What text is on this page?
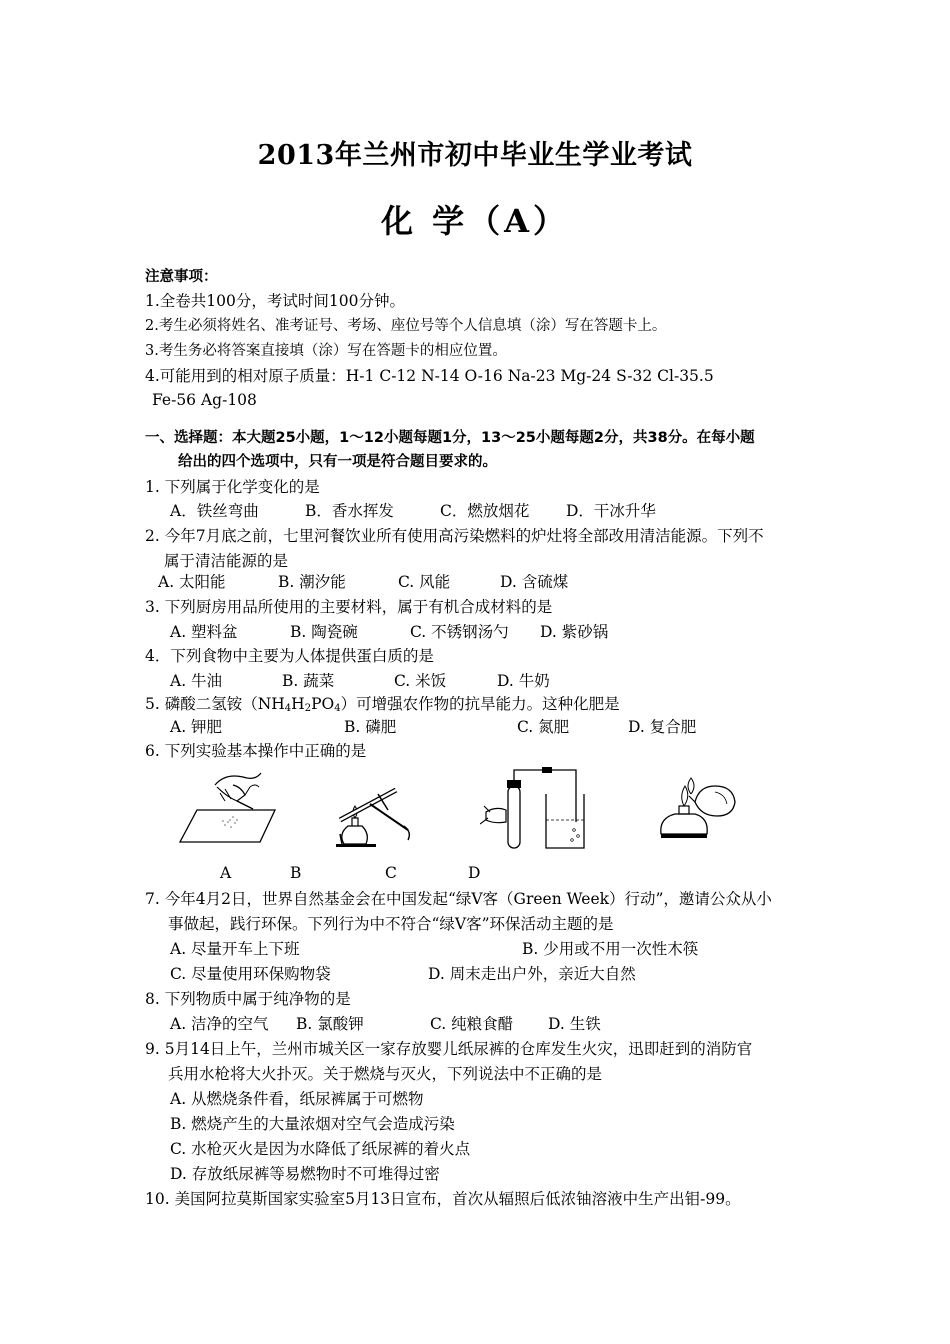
2013年兰州市初中毕业生学业考试
化 学（A）
注意事项：
1.全卷共100分，考试时间100分钟。
2.考生必须将姓名、准考证号、考场、座位号等个人信息填（涂）写在答题卡上。
3.考生务必将答案直接填（涂）写在答题卡的相应位置。
4.可能用到的相对原子质量：H-1 C-12 N-14 O-16 Na-23 Mg-24 S-32 Cl-35.5
Fe-56 Ag-108
一、选择题：本大题25小题，1～12小题每题1分，13～25小题每题2分，共38分。在每小题
给出的四个选项中，只有一项是符合题目要求的。
1. 下列属于化学变化的是
A．铁丝弯曲	B．香水挥发	C．燃放烟花 D．干冰升华
2. 今年7月底之前，七里河餐饮业所有使用高污染燃料的炉灶将全部改用清洁能源。下列不
属于清洁能源的是
A. 太阳能	B. 潮汐能	C. 风能	D. 含硫煤
3. 下列厨房用品所使用的主要材料，属于有机合成材料的是
A. 塑料盆	B. 陶瓷碗	C. 不锈钢汤勺 D. 紫砂锅
4．下列食物中主要为人体提供蛋白质的是
A. 牛油	B. 蔬菜	C. 米饭	D. 牛奶
5. 磷酸二氢铵$(NH_4H_2PO_4)$可增强农作物的抗旱能力。这种化肥是
A. 钾肥	B. 磷肥	C. 氮肥	D. 复合肥
6. 下列实验基本操作中正确的是
A	B	C	D
7. 今年4月2日，世界自然基金会在中国发起“绿V客（Green Week）行动”，邀请公众从小
事做起，践行环保。下列行为中不符合“绿V客”环保活动主题的是
A. 尽量开车上下班	B. 少用或不用一次性木筷
C. 尽量使用环保购物袋	D. 周末走出户外，亲近大自然
8. 下列物质中属于纯净物的是
A. 洁净的空气 B. 氯酸钾	C. 纯粮食醋 D. 生铁
9. 5月14日上午，兰州市城关区一家存放婴儿纸尿裤的仓库发生火灾，迅即赶到的消防官
兵用水枪将大火扑灭。关于燃烧与灭火，下列说法中不正确的是
A. 从燃烧条件看，纸尿裤属于可燃物
B. 燃烧产生的大量浓烟对空气会造成污染
C. 水枪灭火是因为水降低了纸尿裤的着火点
D. 存放纸尿裤等易燃物时不可堆得过密
10. 美国阿拉莫斯国家实验室5月13日宣布，首次从辐照后低浓铀溶液中生产出钼-99。
